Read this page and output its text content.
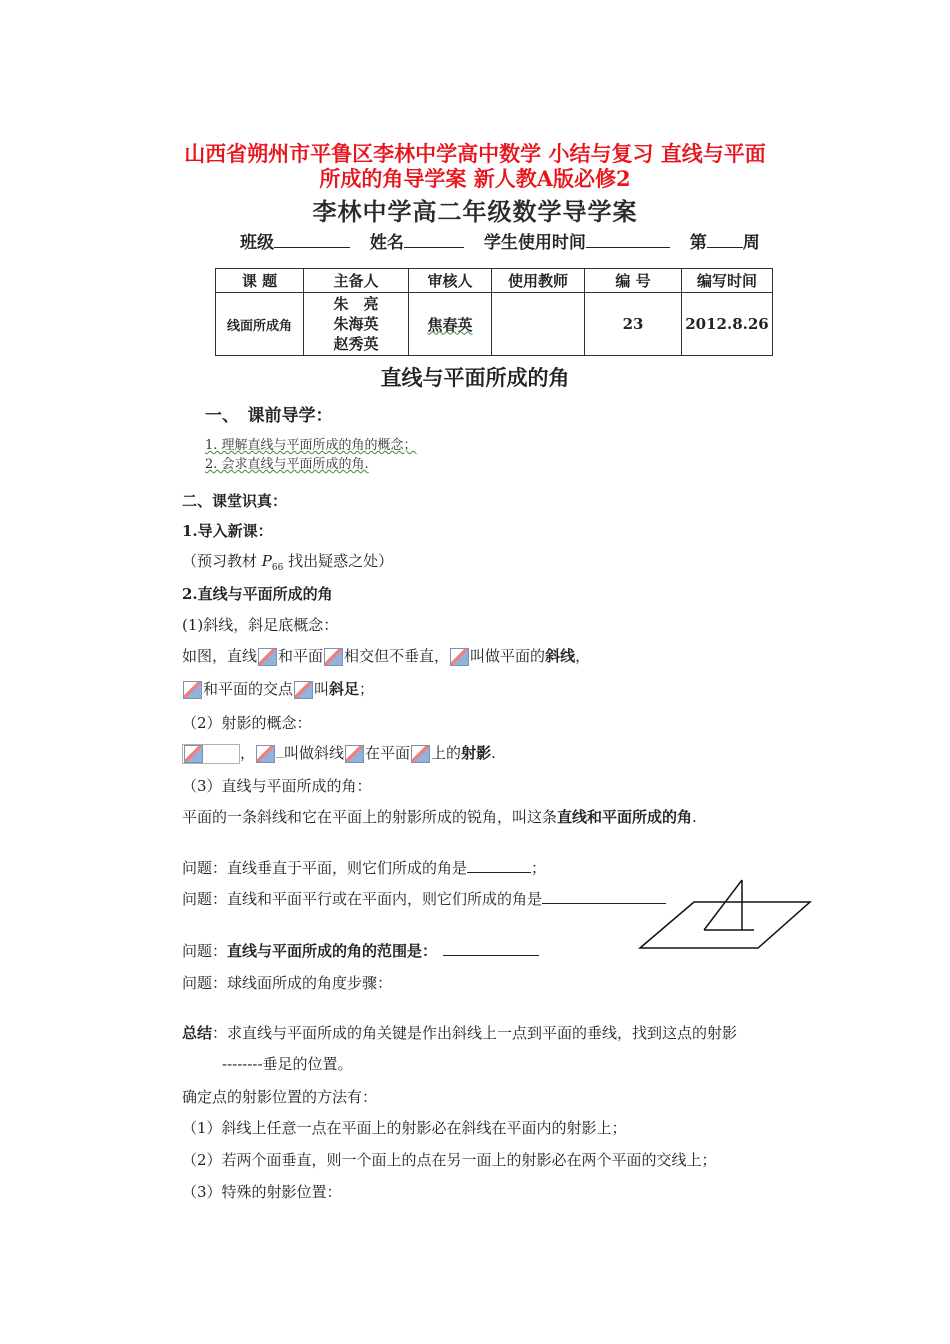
山西省朔州市平鲁区李林中学高中数学 小结与复习 直线与平面
所成的角导学案 新人教A版必修2
李林中学高二年级数学导学案
班级	姓名	学生使用时间	第 周
课 题	主备人	审核人	使用教师	编 号	编写时间
线面所成角	朱　亮
朱海英
赵秀英	焦春英		23	2012.8.26
直线与平面所成的角
一、　课前导学：
1. 理解直线与平面所成的角的概念；
2. 会求直线与平面所成的角.
二、课堂识真：
1.导入新课：
（预习教材 $P_{66}$ 找出疑惑之处）
2.直线与平面所成的角
(1)斜线，斜足底概念：
如图，直线 和平面 相交但不垂直， 叫做平面的斜线，
和平面的交点 叫斜足；
（2）射影的概念：
， 叫做斜线 在平面 上的射影.
（3）直线与平面所成的角：
平面的一条斜线和它在平面上的射影所成的锐角，叫这条直线和平面所成的角.
问题：直线垂直于平面，则它们所成的角是	；
问题：直线和平面平行或在平面内，则它们所成的角是
问题：直线与平面所成的角的范围是：
问题：球线面所成的角度步骤：
总结：求直线与平面所成的角关键是作出斜线上一点到平面的垂线，找到这点的射影
--------垂足的位置。
确定点的射影位置的方法有：
（1）斜线上任意一点在平面上的射影必在斜线在平面内的射影上；
（2）若两个面垂直，则一个面上的点在另一面上的射影必在两个平面的交线上；
（3）特殊的射影位置：
